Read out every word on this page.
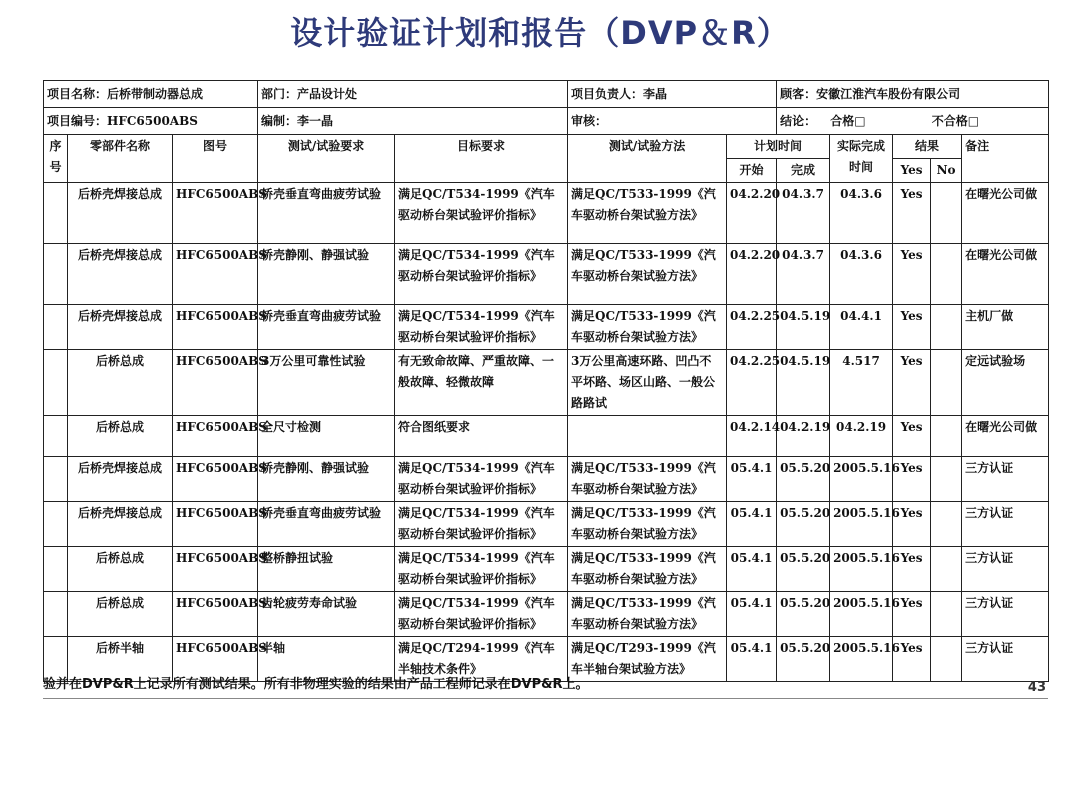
设计验证计划和报告（DVP＆R）
项目名称：后桥带制动器总成			部门：产品设计处		项目负责人：李晶		顾客：安徽江淮汽车股份有限公司				
项目编号：HFC6500ABS			编制：李一晶		审核：		结论： 合格□ 不合格□				
序号	零部件名称	图号	测试/试验要求	目标要求	测试/试验方法	计划时间		实际完成时间	结果		备注
						开始	完成		Yes	No	
	后桥壳焊接总成	HFC6500ABS	桥壳垂直弯曲疲劳试验	满足QC/T534-1999《汽车驱动桥台架试验评价指标》	满足QC/T533-1999《汽车驱动桥台架试验方法》	04.2.20	04.3.7	04.3.6	Yes		在曙光公司做
	后桥壳焊接总成	HFC6500ABS	桥壳静刚、静强试验	满足QC/T534-1999《汽车驱动桥台架试验评价指标》	满足QC/T533-1999《汽车驱动桥台架试验方法》	04.2.20	04.3.7	04.3.6	Yes		在曙光公司做
	后桥壳焊接总成	HFC6500ABS	桥壳垂直弯曲疲劳试验	满足QC/T534-1999《汽车驱动桥台架试验评价指标》	满足QC/T533-1999《汽车驱动桥台架试验方法》	04.2.25	04.5.19	04.4.1	Yes		主机厂做
	后桥总成	HFC6500ABS	3万公里可靠性试验	有无致命故障、严重故障、一般故障、轻微故障	3万公里高速环路、凹凸不平坏路、场区山路、一般公路路试	04.2.25	04.5.19	4.517	Yes		定远试验场
	后桥总成	HFC6500ABS	全尺寸检测	符合图纸要求		04.2.14	04.2.19	04.2.19	Yes		在曙光公司做
	后桥壳焊接总成	HFC6500ABS	桥壳静刚、静强试验	满足QC/T534-1999《汽车驱动桥台架试验评价指标》	满足QC/T533-1999《汽车驱动桥台架试验方法》	05.4.1	05.5.20	2005.5.16	Yes		三方认证
	后桥壳焊接总成	HFC6500ABS	桥壳垂直弯曲疲劳试验	满足QC/T534-1999《汽车驱动桥台架试验评价指标》	满足QC/T533-1999《汽车驱动桥台架试验方法》	05.4.1	05.5.20	2005.5.16	Yes		三方认证
	后桥总成	HFC6500ABS	整桥静扭试验	满足QC/T534-1999《汽车驱动桥台架试验评价指标》	满足QC/T533-1999《汽车驱动桥台架试验方法》	05.4.1	05.5.20	2005.5.16	Yes		三方认证
	后桥总成	HFC6500ABS	齿轮疲劳寿命试验	满足QC/T534-1999《汽车驱动桥台架试验评价指标》	满足QC/T533-1999《汽车驱动桥台架试验方法》	05.4.1	05.5.20	2005.5.16	Yes		三方认证
	后桥半轴	HFC6500ABS	半轴	满足QC/T294-1999《汽车半轴技术条件》	满足QC/T293-1999《汽车半轴台架试验方法》	05.4.1	05.5.20	2005.5.16	Yes		三方认证
验并在DVP&R上记录所有测试结果。所有非物理实验的结果由产品工程师记录在DVP&R上。	43
